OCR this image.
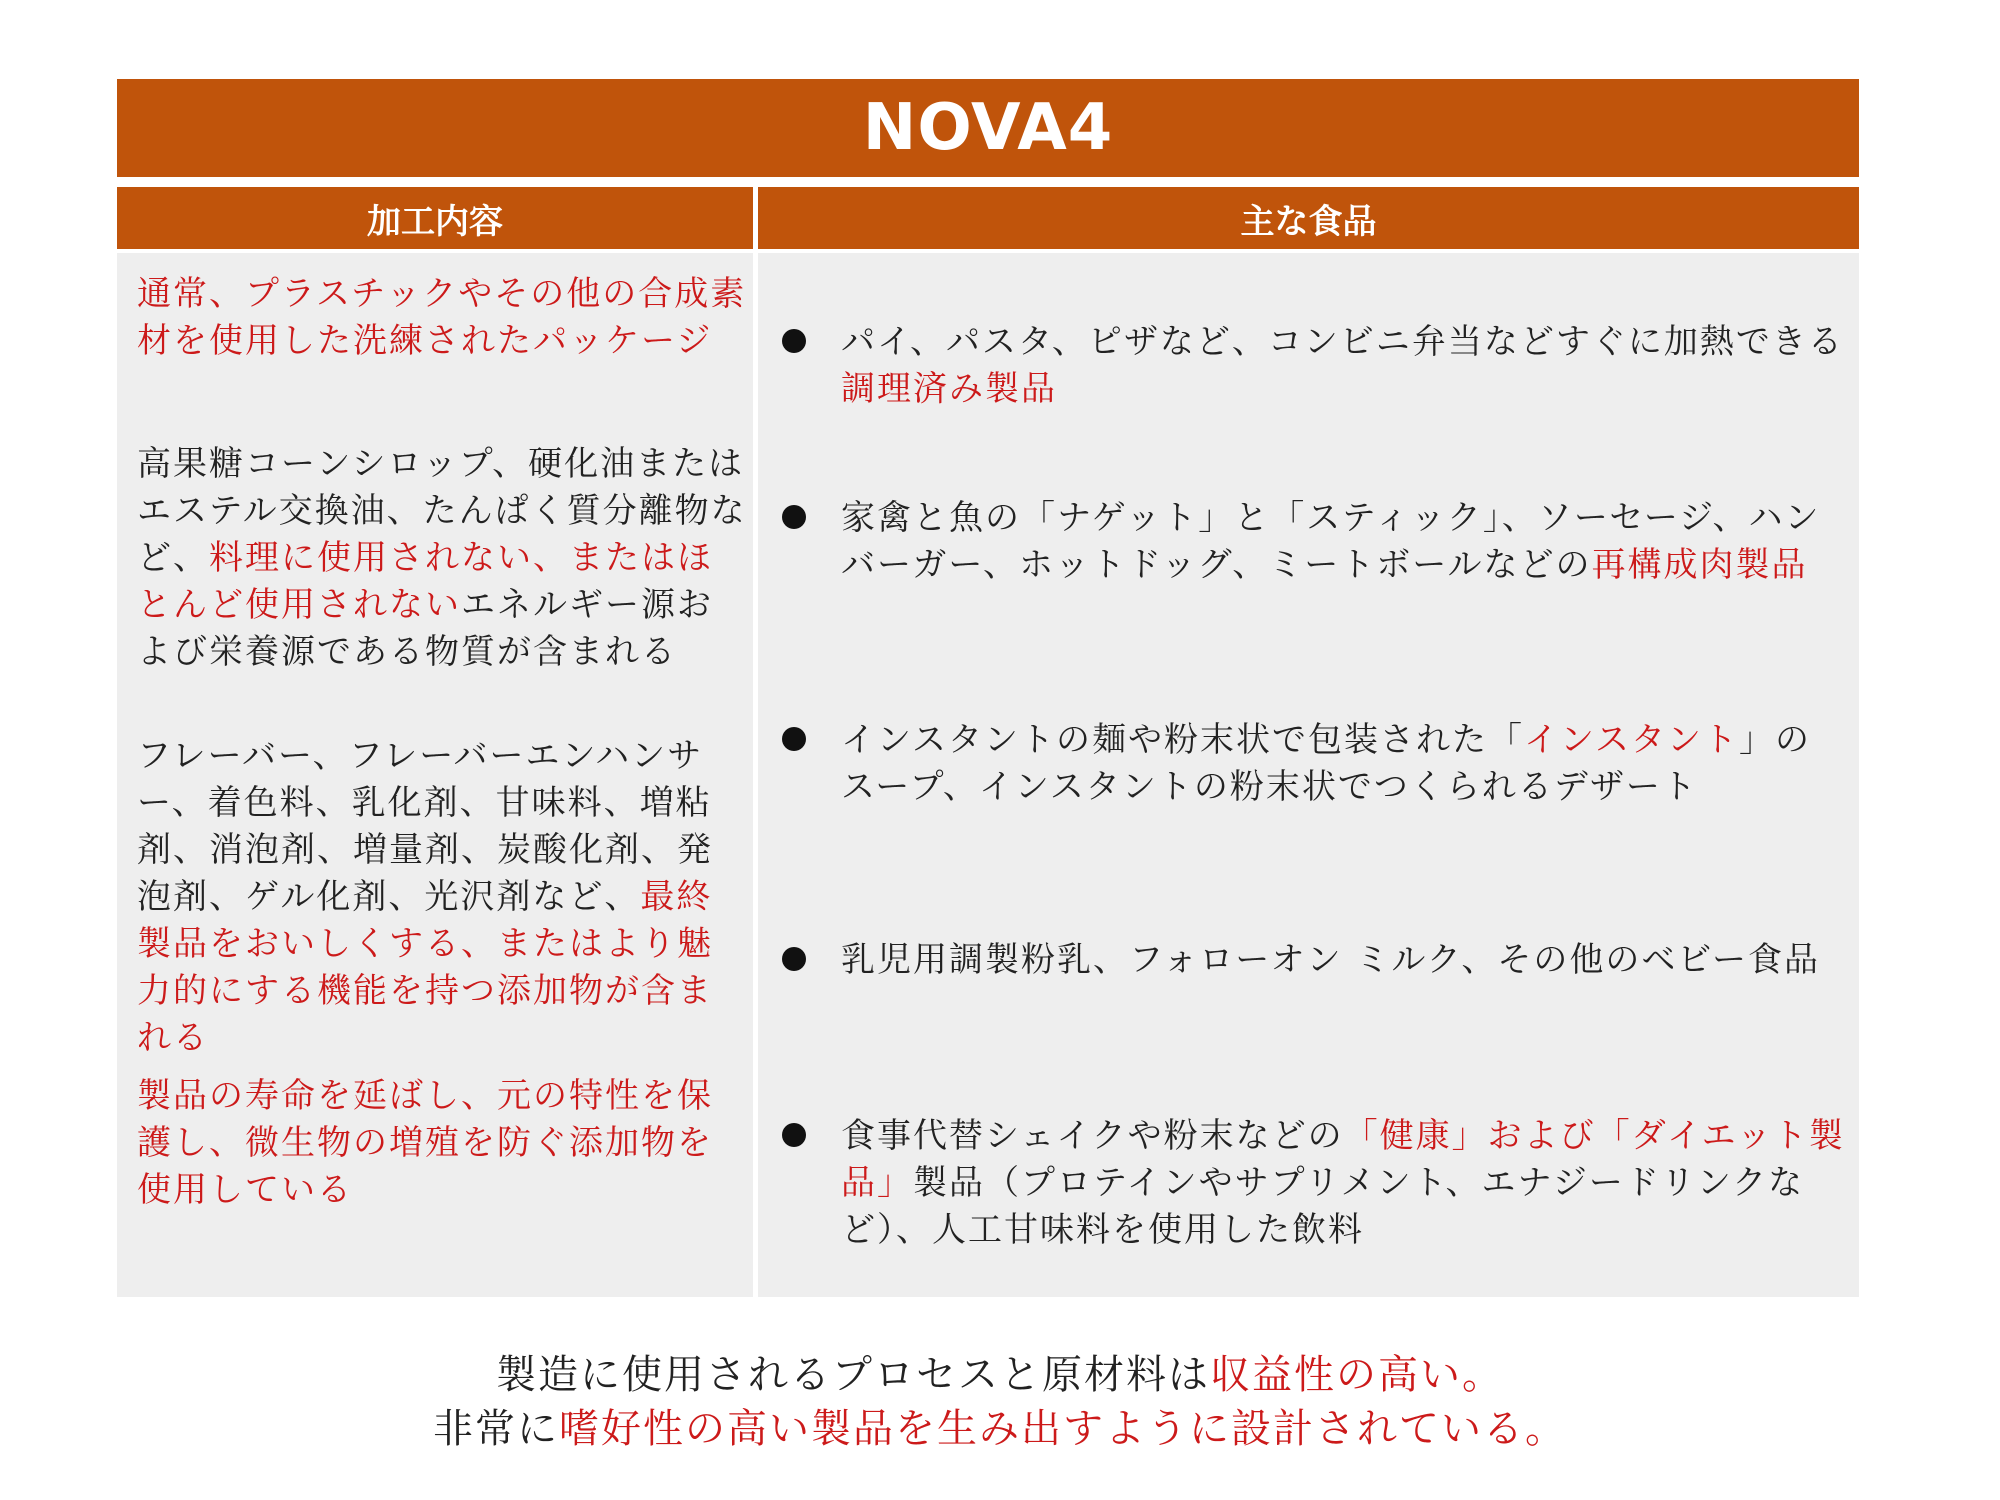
NOVA4
加工内容	主な食品

通常、プラスチックやその他の合成素材を使用した洗練されたパッケージ

高果糖コーンシロップ、硬化油またはエステル交換油、たんぱく質分離物など、料理に使用されない、またはほとんど使用されないエネルギー源および栄養源である物質が含まれる

フレーバー、フレーバーエンハンサー、着色料、乳化剤、甘味料、増粘剤、消泡剤、増量剤、炭酸化剤、発泡剤、ゲル化剤、光沢剤など、最終製品をおいしくする、またはより魅力的にする機能を持つ添加物が含まれる

製品の寿命を延ばし、元の特性を保護し、微生物の増殖を防ぐ添加物を使用している

パイ、パスタ、ピザなど、コンビニ弁当などすぐに加熱できる調理済み製品

家禽と魚の「ナゲット」と「スティック」、ソーセージ、ハンバーガー、ホットドッグ、ミートボールなどの再構成肉製品

インスタントの麺や粉末状で包装された「インスタント」のスープ、インスタントの粉末状でつくられるデザート

乳児用調製粉乳、フォローオン ミルク、その他のベビー食品

食事代替シェイクや粉末などの「健康」および「ダイエット製品」製品（プロテインやサプリメント、エナジードリンクなど）、人工甘味料を使用した飲料

製造に使用されるプロセスと原材料は収益性の高い。
非常に嗜好性の高い製品を生み出すように設計されている。
